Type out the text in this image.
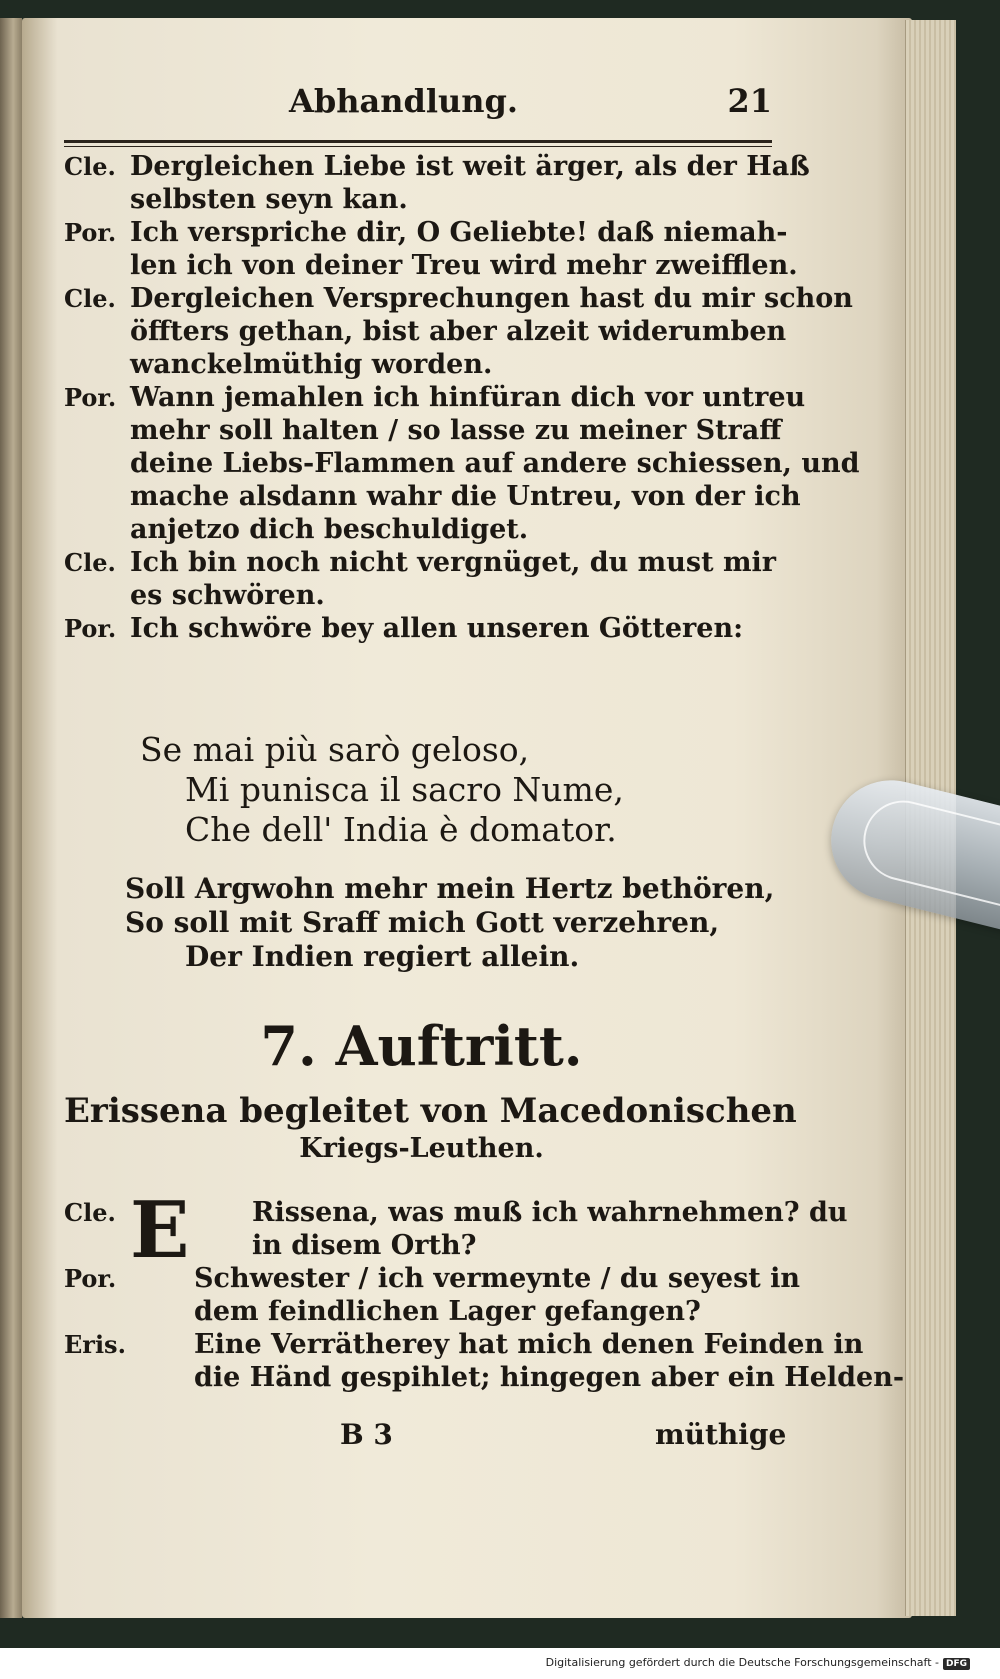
Abhandlung.	21
Cle. Dergleichen Liebe ist weit ärger, als der Haß
selbsten seyn kan.
Por. Ich verspriche dir, O Geliebte! daß niemah-
len ich von deiner Treu wird mehr zweifflen.
Cle. Dergleichen Versprechungen hast du mir schon
öffters gethan, bist aber alzeit widerumben
wanckelmüthig worden.
Por. Wann jemahlen ich hinfüran dich vor untreu
mehr soll halten / so lasse zu meiner Straff
deine Liebs-Flammen auf andere schiessen, und
mache alsdann wahr die Untreu, von der ich
anjetzo dich beschuldiget.
Cle. Ich bin noch nicht vergnüget, du must mir
es schwören.
Por. Ich schwöre bey allen unseren Götteren:
Se mai più sarò geloso,
Mi punisca il sacro Nume,
Che dell' India è domator.
Soll Argwohn mehr mein Hertz bethören,
So soll mit Sraff mich Gott verzehren,
Der Indien regiert allein.
7. Auftritt.
Erissena begleitet von Macedonischen
Kriegs-Leuthen.
E
Cle.	Rissena, was muß ich wahrnehmen? du
in disem Orth?
Por.	Schwester / ich vermeynte / du seyest in
dem feindlichen Lager gefangen?
Eris.	Eine Verrätherey hat mich denen Feinden in
die Händ gespihlet; hingegen aber ein Helden-
B 3	müthige
Digitalisierung gefördert durch die Deutsche Forschungsgemeinschaft - DFG
